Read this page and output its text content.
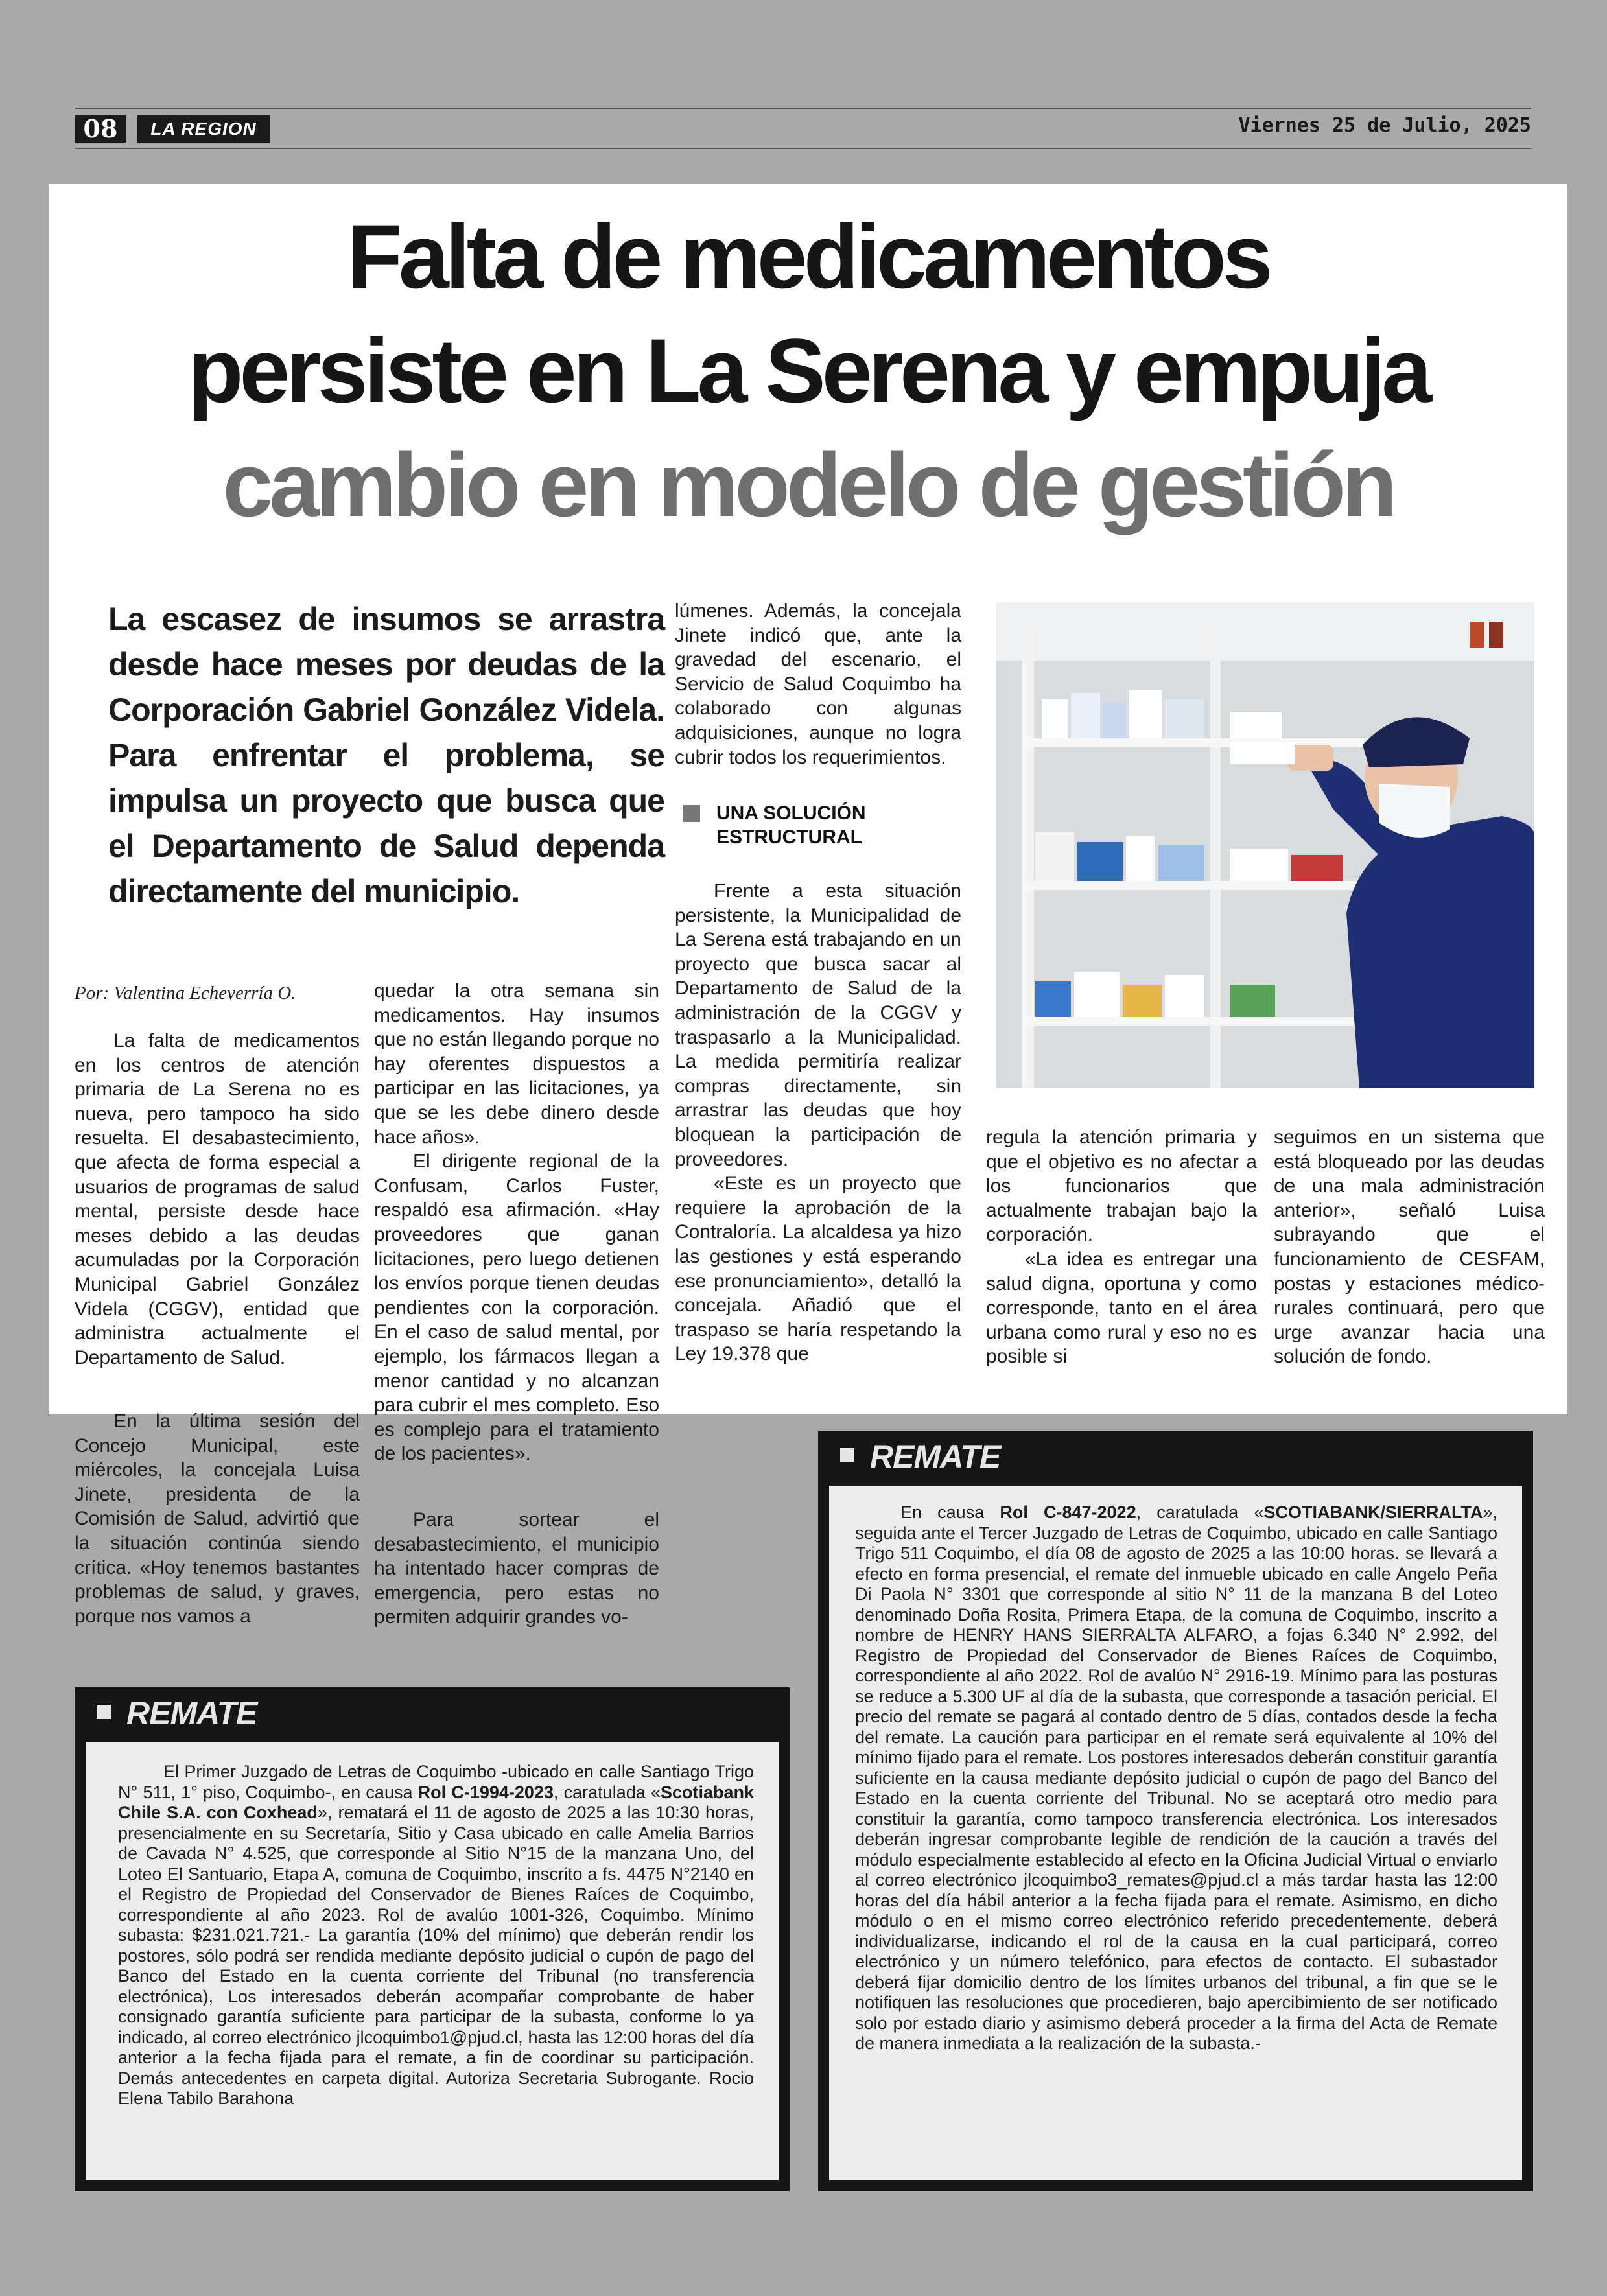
08	LA REGION	Viernes 25 de Julio, 2025
Falta de medicamentos
persiste en La Serena y empuja
cambio en modelo de gestión

La escasez de insumos se arrastra desde hace meses por deudas de la Corporación Gabriel González Videla. Para enfrentar el problema, se impulsa un proyecto que busca que el Departamento de Salud dependa directamente del municipio.

Por: Valentina Echeverría O.

La falta de medicamentos en los centros de atención primaria de La Serena no es nueva, pero tampoco ha sido resuelta. El desabastecimiento, que afecta de forma especial a usuarios de programas de salud mental, persiste desde hace meses debido a las deudas acumuladas por la Corporación Municipal Gabriel González Videla (CGGV), entidad que administra actualmente el Departamento de Salud.

quedar la otra semana sin medicamentos. Hay insumos que no están llegando porque no hay oferentes dispuestos a participar en las licitaciones, ya que se les debe dinero desde hace años».

El dirigente regional de la Confusam, Carlos Fuster, respaldó esa afirmación. «Hay proveedores que ganan licitaciones, pero luego detienen los envíos porque tienen deudas pendientes con la corporación. En el caso de salud mental, por ejemplo, los fármacos llegan a menor cantidad y no alcanzan para cubrir el mes completo. Eso es complejo para el tratamiento de los pacientes».

lúmenes. Además, la concejala Jinete indicó que, ante la gravedad del escenario, el Servicio de Salud Coquimbo ha colaborado con algunas adquisiciones, aunque no logra cubrir todos los requerimientos.

UNA SOLUCIÓN ESTRUCTURAL

Frente a esta situación persistente, la Municipalidad de La Serena está trabajando en un proyecto que busca sacar al Departamento de Salud de la administración de la CGGV y traspasarlo a la Municipalidad. La medida permitiría realizar compras directamente, sin arrastrar las deudas que hoy bloquean la participación de proveedores.

«Este es un proyecto que requiere la aprobación de la Contraloría. La alcaldesa ya hizo las gestiones y está esperando ese pronunciamiento», detalló la concejala. Añadió que el traspaso se haría respetando la Ley 19.378 que

regula la atención primaria y que el objetivo es no afectar a los funcionarios que actualmente trabajan bajo la corporación.

«La idea es entregar una salud digna, oportuna y como corresponde, tanto en el área urbana como rural y eso no es posible si

seguimos en un sistema que está bloqueado por las deudas de una mala administración anterior», señaló Luisa subrayando que el funcionamiento de CESFAM, postas y estaciones médico-rurales continuará, pero que urge avanzar hacia una solución de fondo.

En la última sesión del Concejo Municipal, este miércoles, la concejala Luisa Jinete, presidenta de la Comisión de Salud, advirtió que la situación continúa siendo crítica. «Hoy tenemos bastantes problemas de salud, y graves, porque nos vamos a

Para sortear el desabastecimiento, el municipio ha intentado hacer compras de emergencia, pero estas no permiten adquirir grandes vo-

REMATE

El Primer Juzgado de Letras de Coquimbo -ubicado en calle Santiago Trigo N° 511, 1° piso, Coquimbo-, en causa Rol C-1994-2023, caratulada «Scotiabank Chile S.A. con Coxhead», rematará el 11 de agosto de 2025 a las 10:30 horas, presencialmente en su Secretaría, Sitio y Casa ubicado en calle Amelia Barrios de Cavada N° 4.525, que corresponde al Sitio N°15 de la manzana Uno, del Loteo El Santuario, Etapa A, comuna de Coquimbo, inscrito a fs. 4475 N°2140 en el Registro de Propiedad del Conservador de Bienes Raíces de Coquimbo, correspondiente al año 2023. Rol de avalúo 1001-326, Coquimbo. Mínimo subasta: $231.021.721.- La garantía (10% del mínimo) que deberán rendir los postores, sólo podrá ser rendida mediante depósito judicial o cupón de pago del Banco del Estado en la cuenta corriente del Tribunal (no transferencia electrónica), Los interesados deberán acompañar comprobante de haber consignado garantía suficiente para participar de la subasta, conforme lo ya indicado, al correo electrónico jlcoquimbo1@pjud.cl, hasta las 12:00 horas del día anterior a la fecha fijada para el remate, a fin de coordinar su participación. Demás antecedentes en carpeta digital. Autoriza Secretaria Subrogante. Rocio Elena Tabilo Barahona

REMATE

En causa Rol C-847-2022, caratulada «SCOTIABANK/SIERRALTA», seguida ante el Tercer Juzgado de Letras de Coquimbo, ubicado en calle Santiago Trigo 511 Coquimbo, el día 08 de agosto de 2025 a las 10:00 horas. se llevará a efecto en forma presencial, el remate del inmueble ubicado en calle Angelo Peña Di Paola N° 3301 que corresponde al sitio N° 11 de la manzana B del Loteo denominado Doña Rosita, Primera Etapa, de la comuna de Coquimbo, inscrito a nombre de HENRY HANS SIERRALTA ALFARO, a fojas 6.340 N° 2.992, del Registro de Propiedad del Conservador de Bienes Raíces de Coquimbo, correspondiente al año 2022. Rol de avalúo N° 2916-19. Mínimo para las posturas se reduce a 5.300 UF al día de la subasta, que corresponde a tasación pericial. El precio del remate se pagará al contado dentro de 5 días, contados desde la fecha del remate. La caución para participar en el remate será equivalente al 10% del mínimo fijado para el remate. Los postores interesados deberán constituir garantía suficiente en la causa mediante depósito judicial o cupón de pago del Banco del Estado en la cuenta corriente del Tribunal. No se aceptará otro medio para constituir la garantía, como tampoco transferencia electrónica. Los interesados deberán ingresar comprobante legible de rendición de la caución a través del módulo especialmente establecido al efecto en la Oficina Judicial Virtual o enviarlo al correo electrónico jlcoquimbo3_remates@pjud.cl a más tardar hasta las 12:00 horas del día hábil anterior a la fecha fijada para el remate. Asimismo, en dicho módulo o en el mismo correo electrónico referido precedentemente, deberá individualizarse, indicando el rol de la causa en la cual participará, correo electrónico y un número telefónico, para efectos de contacto. El subastador deberá fijar domicilio dentro de los límites urbanos del tribunal, a fin que se le notifiquen las resoluciones que procedieren, bajo apercibimiento de ser notificado solo por estado diario y asimismo deberá proceder a la firma del Acta de Remate de manera inmediata a la realización de la subasta.-
